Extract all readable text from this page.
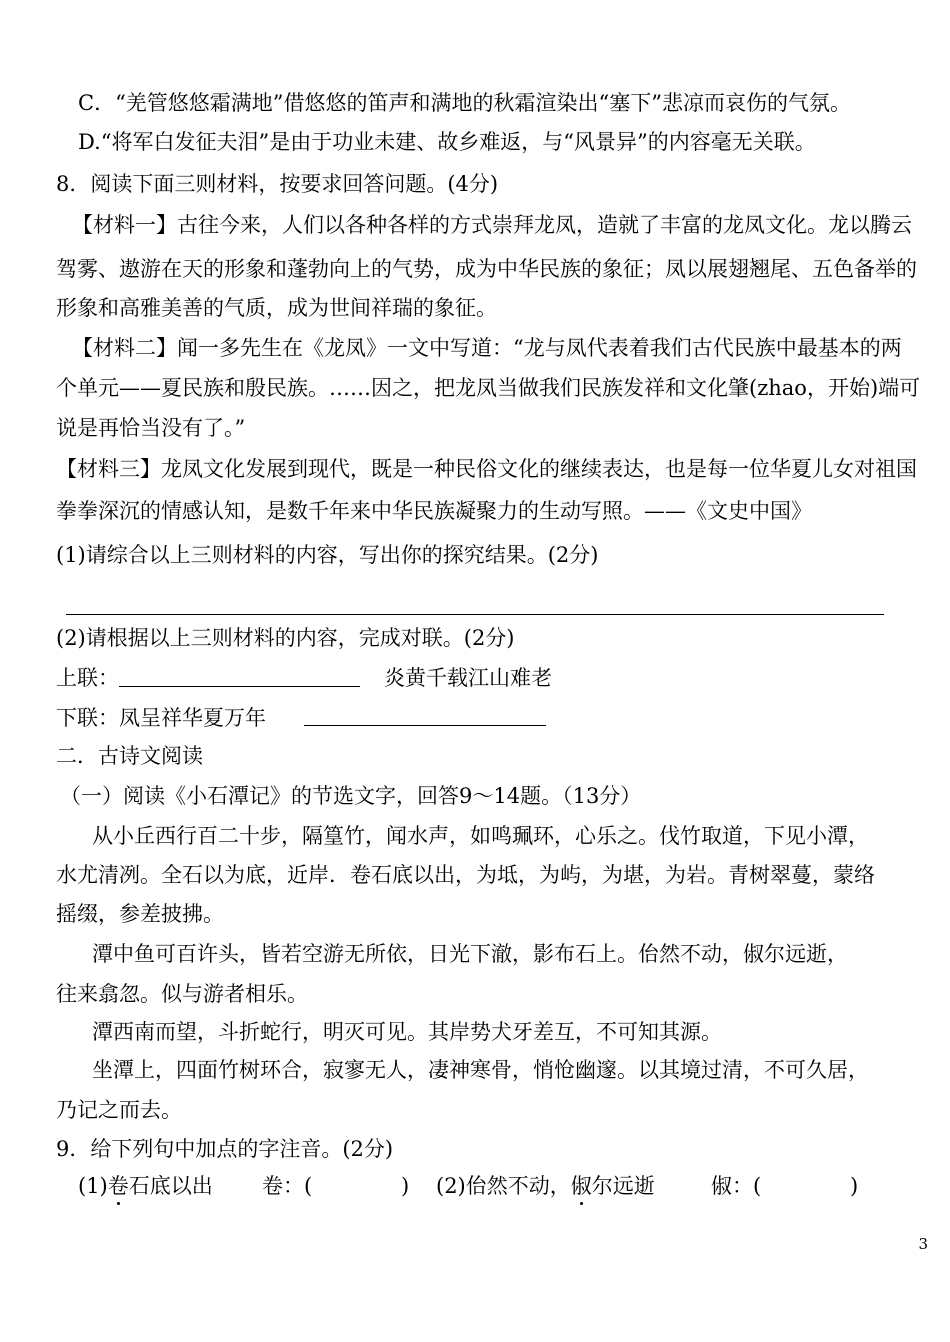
C．“羌管悠悠霜满地”借悠悠的笛声和满地的秋霜渲染出“塞下”悲凉而哀伤的气氛。
D.“将军白发征夫泪”是由于功业未建、故乡难返，与“风景异”的内容毫无关联。
8．阅读下面三则材料，按要求回答问题。(4分)
【材料一】古往今来，人们以各种各样的方式崇拜龙凤，造就了丰富的龙凤文化。龙以腾云
驾雾、遨游在天的形象和蓬勃向上的气势，成为中华民族的象征；凤以展翅翘尾、五色备举的
形象和高雅美善的气质，成为世间祥瑞的象征。
【材料二】闻一多先生在《龙凤》一文中写道：“龙与凤代表着我们古代民族中最基本的两
个单元——夏民族和殷民族。……因之，把龙凤当做我们民族发祥和文化肇(zhao，开始)端可
说是再恰当没有了。”
【材料三】龙凤文化发展到现代，既是一种民俗文化的继续表达，也是每一位华夏儿女对祖国
拳拳深沉的情感认知，是数千年来中华民族凝聚力的生动写照。——《文史中国》
(1)请综合以上三则材料的内容，写出你的探究结果。(2分)
(2)请根据以上三则材料的内容，完成对联。(2分)
上联：	炎黄千载江山难老
下联：凤呈祥华夏万年
二．古诗文阅读
（一）阅读《小石潭记》的节选文字，回答9～14题。（13分）
从小丘西行百二十步，隔篁竹，闻水声，如鸣珮环，心乐之。伐竹取道，下见小潭，
水尤清冽。全石以为底，近岸．卷石底以出，为坻，为屿，为堪，为岩。青树翠蔓，蒙络
摇缀，参差披拂。
潭中鱼可百许头，皆若空游无所依，日光下澈，影布石上。佁然不动，俶尔远逝，
往来翕忽。似与游者相乐。
潭西南而望，斗折蛇行，明灭可见。其岸势犬牙差互，不可知其源。
坐潭上，四面竹树环合，寂寥无人，凄神寒骨，悄怆幽邃。以其境过清，不可久居，
乃记之而去。
9．给下列句中加点的字注音。(2分)
(1)卷石底以出 卷：(	) (2)佁然不动，俶尔远逝	俶：(	)
3
